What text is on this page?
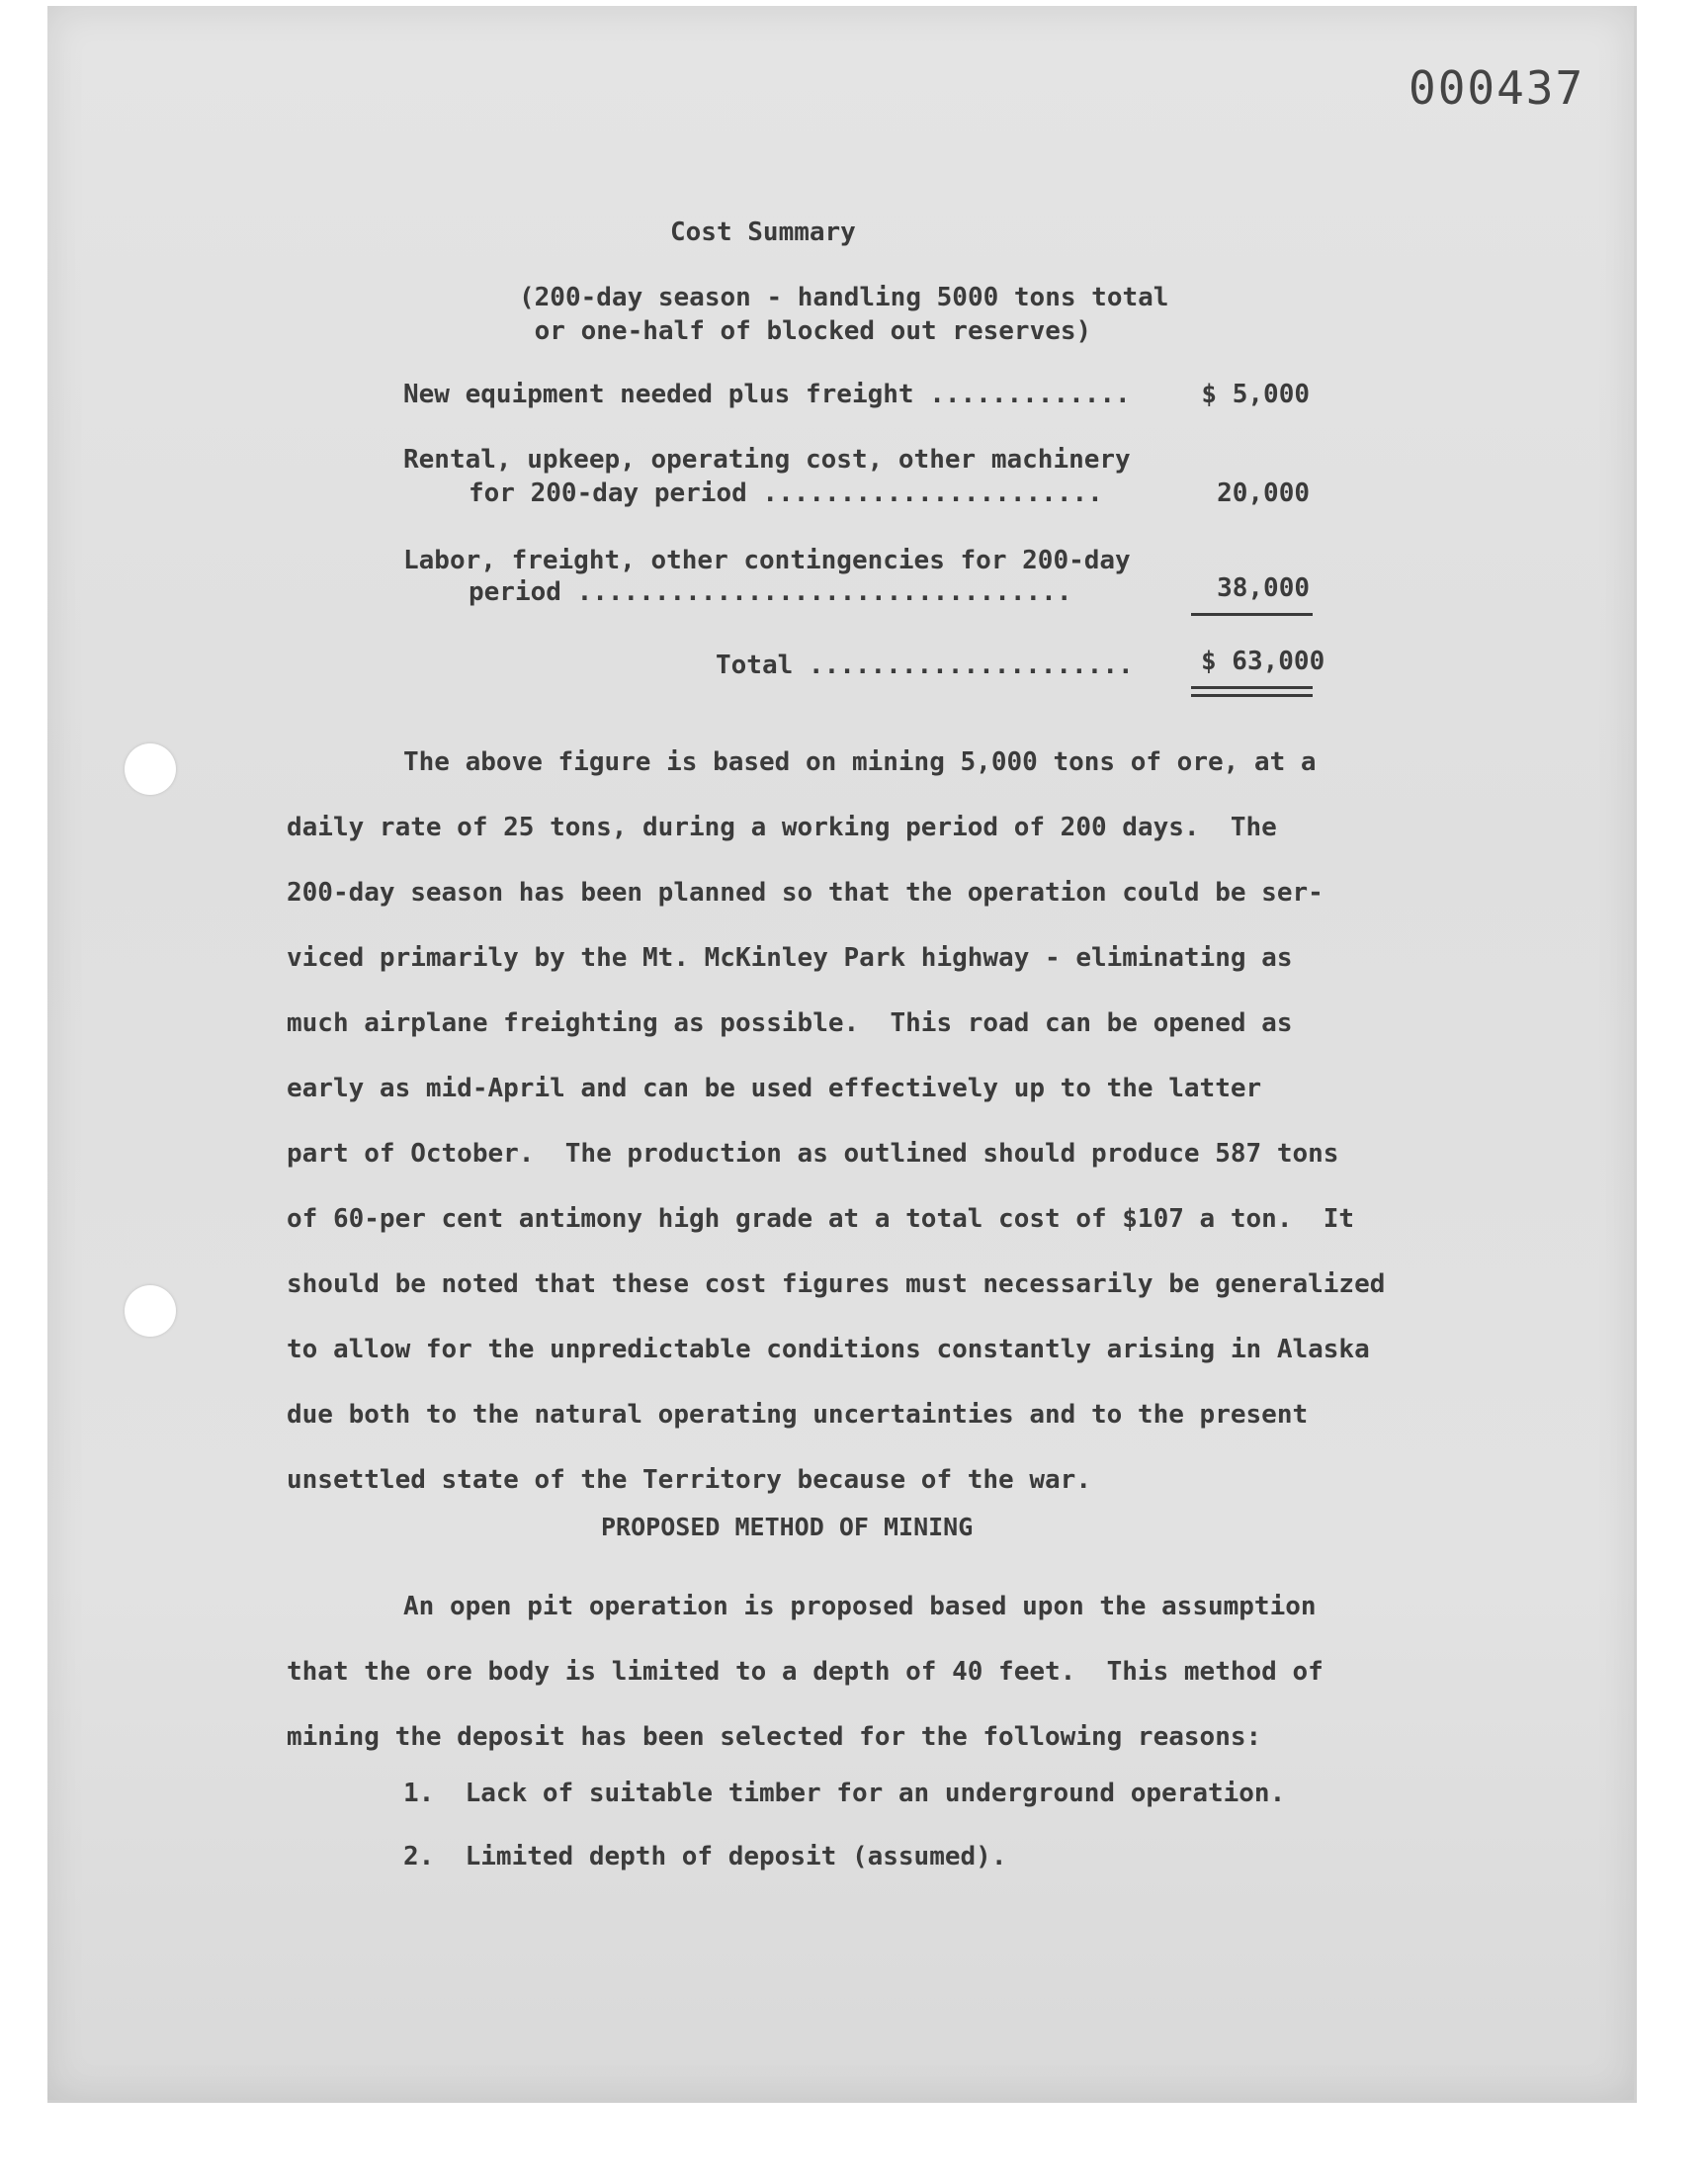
000437
Cost Summary
(200-day season - handling 5000 tons total
or one-half of blocked out reserves)
New equipment needed plus freight .............	$ 5,000
Rental, upkeep, operating cost, other machinery
for 200-day period ......................	20,000
Labor, freight, other contingencies for 200-day
period ................................	38,000
Total .....................	$ 63,000
The above figure is based on mining 5,000 tons of ore, at a
daily rate of 25 tons, during a working period of 200 days.  The
200-day season has been planned so that the operation could be ser-
viced primarily by the Mt. McKinley Park highway - eliminating as
much airplane freighting as possible.  This road can be opened as
early as mid-April and can be used effectively up to the latter
part of October.  The production as outlined should produce 587 tons
of 60-per cent antimony high grade at a total cost of $107 a ton.  It
should be noted that these cost figures must necessarily be generalized
to allow for the unpredictable conditions constantly arising in Alaska
due both to the natural operating uncertainties and to the present
unsettled state of the Territory because of the war.
PROPOSED METHOD OF MINING
An open pit operation is proposed based upon the assumption
that the ore body is limited to a depth of 40 feet.  This method of
mining the deposit has been selected for the following reasons:
1.  Lack of suitable timber for an underground operation.
2.  Limited depth of deposit (assumed).
